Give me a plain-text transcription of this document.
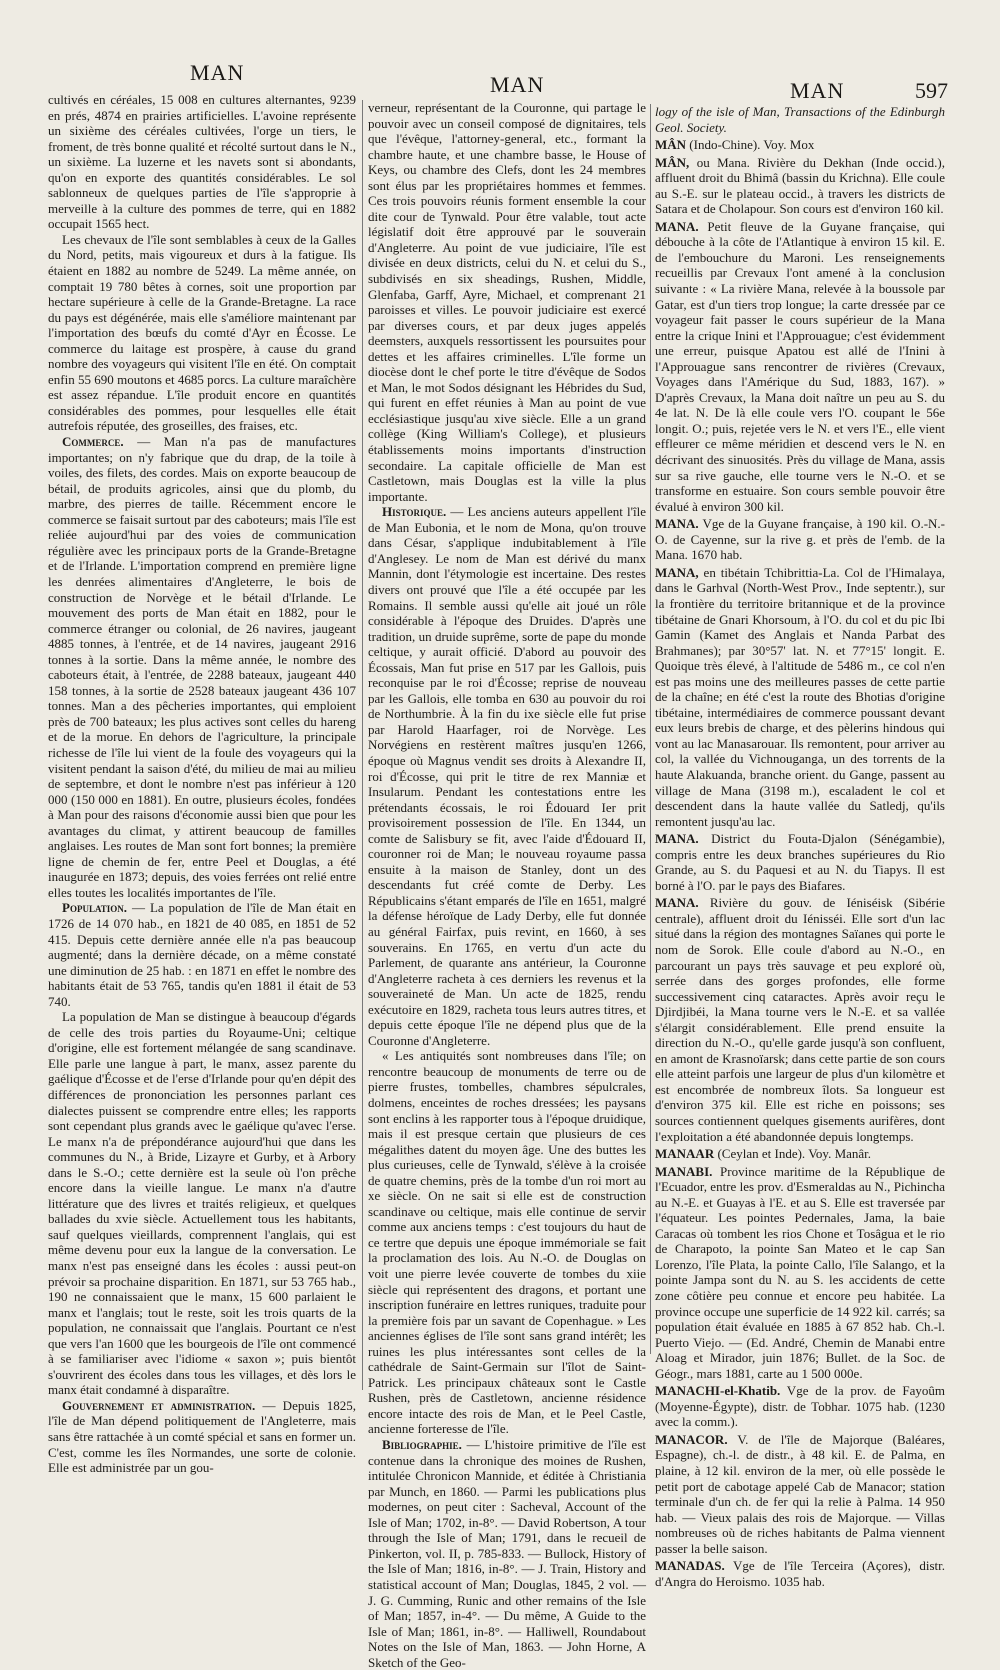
MAN	MAN	MAN	597

cultivés en céréales, 15 008 en cultures alternantes, 9239 en prés, 4874 en prairies artificielles. L'avoine représente un sixième des céréales cultivées, l'orge un tiers, le froment, de très bonne qualité et récolté surtout dans le N., un sixième. La luzerne et les navets sont si abondants, qu'on en exporte des quantités considérables. Le sol sablonneux de quelques parties de l'île s'approprie à merveille à la culture des pommes de terre, qui en 1882 occupait 1565 hect.

Les chevaux de l'île sont semblables à ceux de la Galles du Nord, petits, mais vigoureux et durs à la fatigue. Ils étaient en 1882 au nombre de 5249. La même année, on comptait 19 780 bêtes à cornes, soit une proportion par hectare supérieure à celle de la Grande-Bretagne. La race du pays est dégénérée, mais elle s'améliore maintenant par l'importation des bœufs du comté d'Ayr en Écosse. Le commerce du laitage est prospère, à cause du grand nombre des voyageurs qui visitent l'île en été. On comptait enfin 55 690 moutons et 4685 porcs. La culture maraîchère est assez répandue. L'île produit encore en quantités considérables des pommes, pour lesquelles elle était autrefois réputée, des groseilles, des fraises, etc.

Commerce. — Man n'a pas de manufactures importantes; on n'y fabrique que du drap, de la toile à voiles, des filets, des cordes. Mais on exporte beaucoup de bétail, de produits agricoles, ainsi que du plomb, du marbre, des pierres de taille. Récemment encore le commerce se faisait surtout par des caboteurs; mais l'île est reliée aujourd'hui par des voies de communication régulière avec les principaux ports de la Grande-Bretagne et de l'Irlande. L'importation comprend en première ligne les denrées alimentaires d'Angleterre, le bois de construction de Norvège et le bétail d'Irlande. Le mouvement des ports de Man était en 1882, pour le commerce étranger ou colonial, de 26 navires, jaugeant 4885 tonnes, à l'entrée, et de 14 navires, jaugeant 2916 tonnes à la sortie. Dans la même année, le nombre des caboteurs était, à l'entrée, de 2288 bateaux, jaugeant 440 158 tonnes, à la sortie de 2528 bateaux jaugeant 436 107 tonnes. Man a des pêcheries importantes, qui emploient près de 700 bateaux; les plus actives sont celles du hareng et de la morue. En dehors de l'agriculture, la principale richesse de l'île lui vient de la foule des voyageurs qui la visitent pendant la saison d'été, du milieu de mai au milieu de septembre, et dont le nombre n'est pas inférieur à 120 000 (150 000 en 1881). En outre, plusieurs écoles, fondées à Man pour des raisons d'économie aussi bien que pour les avantages du climat, y attirent beaucoup de familles anglaises. Les routes de Man sont fort bonnes; la première ligne de chemin de fer, entre Peel et Douglas, a été inaugurée en 1873; depuis, des voies ferrées ont relié entre elles toutes les localités importantes de l'île.

Population. — La population de l'île de Man était en 1726 de 14 070 hab., en 1821 de 40 085, en 1851 de 52 415. Depuis cette dernière année elle n'a pas beaucoup augmenté; dans la dernière décade, on a même constaté une diminution de 25 hab. : en 1871 en effet le nombre des habitants était de 53 765, tandis qu'en 1881 il était de 53 740.

La population de Man se distingue à beaucoup d'égards de celle des trois parties du Royaume-Uni; celtique d'origine, elle est fortement mélangée de sang scandinave. Elle parle une langue à part, le manx, assez parente du gaélique d'Écosse et de l'erse d'Irlande pour qu'en dépit des différences de prononciation les personnes parlant ces dialectes puissent se comprendre entre elles; les rapports sont cependant plus grands avec le gaélique qu'avec l'erse. Le manx n'a de prépondérance aujourd'hui que dans les communes du N., à Bride, Lizayre et Gurby, et à Arbory dans le S.-O.; cette dernière est la seule où l'on prêche encore dans la vieille langue. Le manx n'a d'autre littérature que des livres et traités religieux, et quelques ballades du xvie siècle. Actuellement tous les habitants, sauf quelques vieillards, comprennent l'anglais, qui est même devenu pour eux la langue de la conversation. Le manx n'est pas enseigné dans les écoles : aussi peut-on prévoir sa prochaine disparition. En 1871, sur 53 765 hab., 190 ne connaissaient que le manx, 15 600 parlaient le manx et l'anglais; tout le reste, soit les trois quarts de la population, ne connaissait que l'anglais. Pourtant ce n'est que vers l'an 1600 que les bourgeois de l'île ont commencé à se familiariser avec l'idiome « saxon »; puis bientôt s'ouvrirent des écoles dans tous les villages, et dès lors le manx était condamné à disparaître.

Gouvernement et administration. — Depuis 1825, l'île de Man dépend politiquement de l'Angleterre, mais sans être rattachée à un comté spécial et sans en former un. C'est, comme les îles Normandes, une sorte de colonie. Elle est administrée par un gou-

verneur, représentant de la Couronne, qui partage le pouvoir avec un conseil composé de dignitaires, tels que l'évêque, l'attorney-general, etc., formant la chambre haute, et une chambre basse, le House of Keys, ou chambre des Clefs, dont les 24 membres sont élus par les propriétaires hommes et femmes. Ces trois pouvoirs réunis forment ensemble la cour dite cour de Tynwald. Pour être valable, tout acte législatif doit être approuvé par le souverain d'Angleterre. Au point de vue judiciaire, l'île est divisée en deux districts, celui du N. et celui du S., subdivisés en six sheadings, Rushen, Middle, Glenfaba, Garff, Ayre, Michael, et comprenant 21 paroisses et villes. Le pouvoir judiciaire est exercé par diverses cours, et par deux juges appelés deemsters, auxquels ressortissent les poursuites pour dettes et les affaires criminelles. L'île forme un diocèse dont le chef porte le titre d'évêque de Sodos et Man, le mot Sodos désignant les Hébrides du Sud, qui furent en effet réunies à Man au point de vue ecclésiastique jusqu'au xive siècle. Elle a un grand collège (King William's College), et plusieurs établissements moins importants d'instruction secondaire. La capitale officielle de Man est Castletown, mais Douglas est la ville la plus importante.

Historique. — Les anciens auteurs appellent l'île de Man Eubonia, et le nom de Mona, qu'on trouve dans César, s'applique indubitablement à l'île d'Anglesey. Le nom de Man est dérivé du manx Mannin, dont l'étymologie est incertaine. Des restes divers ont prouvé que l'île a été occupée par les Romains. Il semble aussi qu'elle ait joué un rôle considérable à l'époque des Druides. D'après une tradition, un druide suprême, sorte de pape du monde celtique, y aurait officié. D'abord au pouvoir des Écossais, Man fut prise en 517 par les Gallois, puis reconquise par le roi d'Écosse; reprise de nouveau par les Gallois, elle tomba en 630 au pouvoir du roi de Northumbrie. À la fin du ixe siècle elle fut prise par Harold Haarfager, roi de Norvège. Les Norvégiens en restèrent maîtres jusqu'en 1266, époque où Magnus vendit ses droits à Alexandre II, roi d'Écosse, qui prit le titre de rex Manniæ et Insularum. Pendant les contestations entre les prétendants écossais, le roi Édouard Ier prit provisoirement possession de l'île. En 1344, un comte de Salisbury se fit, avec l'aide d'Édouard II, couronner roi de Man; le nouveau royaume passa ensuite à la maison de Stanley, dont un des descendants fut créé comte de Derby. Les Républicains s'étant emparés de l'île en 1651, malgré la défense héroïque de Lady Derby, elle fut donnée au général Fairfax, puis revint, en 1660, à ses souverains. En 1765, en vertu d'un acte du Parlement, de quarante ans antérieur, la Couronne d'Angleterre racheta à ces derniers les revenus et la souveraineté de Man. Un acte de 1825, rendu exécutoire en 1829, racheta tous leurs autres titres, et depuis cette époque l'île ne dépend plus que de la Couronne d'Angleterre.

« Les antiquités sont nombreuses dans l'île; on rencontre beaucoup de monuments de terre ou de pierre frustes, tombelles, chambres sépulcrales, dolmens, enceintes de roches dressées; les paysans sont enclins à les rapporter tous à l'époque druidique, mais il est presque certain que plusieurs de ces mégalithes datent du moyen âge. Une des buttes les plus curieuses, celle de Tynwald, s'élève à la croisée de quatre chemins, près de la tombe d'un roi mort au xe siècle. On ne sait si elle est de construction scandinave ou celtique, mais elle continue de servir comme aux anciens temps : c'est toujours du haut de ce tertre que depuis une époque immémoriale se fait la proclamation des lois. Au N.-O. de Douglas on voit une pierre levée couverte de tombes du xiie siècle qui représentent des dragons, et portant une inscription funéraire en lettres runiques, traduite pour la première fois par un savant de Copenhague. » Les anciennes églises de l'île sont sans grand intérêt; les ruines les plus intéressantes sont celles de la cathédrale de Saint-Germain sur l'îlot de Saint-Patrick. Les principaux châteaux sont le Castle Rushen, près de Castletown, ancienne résidence encore intacte des rois de Man, et le Peel Castle, ancienne forteresse de l'île.

Bibliographie. — L'histoire primitive de l'île est contenue dans la chronique des moines de Rushen, intitulée Chronicon Mannide, et éditée à Christiania par Munch, en 1860. — Parmi les publications plus modernes, on peut citer : Sacheval, Account of the Isle of Man; 1702, in-8°. — David Robertson, A tour through the Isle of Man; 1791, dans le recueil de Pinkerton, vol. II, p. 785-833. — Bullock, History of the Isle of Man; 1816, in-8°. — J. Train, History and statistical account of Man; Douglas, 1845, 2 vol. — J. G. Cumming, Runic and other remains of the Isle of Man; 1857, in-4°. — Du même, A Guide to the Isle of Man; 1861, in-8°. — Halliwell, Roundabout Notes on the Isle of Man, 1863. — John Horne, A Sketch of the Geo-

logy of the isle of Man, Transactions of the Edinburgh Geol. Society.

MÂN (Indo-Chine). Voy. Mox

MÂN, ou Mana. Rivière du Dekhan (Inde occid.), affluent droit du Bhimâ (bassin du Krichna). Elle coule au S.-E. sur le plateau occid., à travers les districts de Satara et de Cholapour. Son cours est d'environ 160 kil.

MANA. Petit fleuve de la Guyane française, qui débouche à la côte de l'Atlantique à environ 15 kil. E. de l'embouchure du Maroni. Les renseignements recueillis par Crevaux l'ont amené à la conclusion suivante : « La rivière Mana, relevée à la boussole par Gatar, est d'un tiers trop longue; la carte dressée par ce voyageur fait passer le cours supérieur de la Mana entre la crique Inini et l'Approuague; c'est évidemment une erreur, puisque Apatou est allé de l'Inini à l'Approuague sans rencontrer de rivières (Crevaux, Voyages dans l'Amérique du Sud, 1883, 167). » D'après Crevaux, la Mana doit naître un peu au S. du 4e lat. N. De là elle coule vers l'O. coupant le 56e longit. O.; puis, rejetée vers le N. et vers l'E., elle vient effleurer ce même méridien et descend vers le N. en décrivant des sinuosités. Près du village de Mana, assis sur sa rive gauche, elle tourne vers le N.-O. et se transforme en estuaire. Son cours semble pouvoir être évalué à environ 300 kil.

MANA. Vge de la Guyane française, à 190 kil. O.-N.-O. de Cayenne, sur la rive g. et près de l'emb. de la Mana. 1670 hab.

MANA, en tibétain Tchibrittia-La. Col de l'Himalaya, dans le Garhval (North-West Prov., Inde septentr.), sur la frontière du territoire britannique et de la province tibétaine de Gnari Khorsoum, à l'O. du col et du pic Ibi Gamin (Kamet des Anglais et Nanda Parbat des Brahmanes); par 30°57' lat. N. et 77°15' longit. E. Quoique très élevé, à l'altitude de 5486 m., ce col n'en est pas moins une des meilleures passes de cette partie de la chaîne; en été c'est la route des Bhotias d'origine tibétaine, intermédiaires de commerce poussant devant eux leurs brebis de charge, et des pèlerins hindous qui vont au lac Manasarouar. Ils remontent, pour arriver au col, la vallée du Vichnouganga, un des torrents de la haute Alakuanda, branche orient. du Gange, passent au village de Mana (3198 m.), escaladent le col et descendent dans la haute vallée du Satledj, qu'ils remontent jusqu'au lac.

MANA. District du Fouta-Djalon (Sénégambie), compris entre les deux branches supérieures du Rio Grande, au S. du Paquesi et au N. du Tiapys. Il est borné à l'O. par le pays des Biafares.

MANA. Rivière du gouv. de Iéniséisk (Sibérie centrale), affluent droit du Iénisséi. Elle sort d'un lac situé dans la région des montagnes Saïanes qui porte le nom de Sorok. Elle coule d'abord au N.-O., en parcourant un pays très sauvage et peu exploré où, serrée dans des gorges profondes, elle forme successivement cinq cataractes. Après avoir reçu le Djirdjibéi, la Mana tourne vers le N.-E. et sa vallée s'élargit considérablement. Elle prend ensuite la direction du N.-O., qu'elle garde jusqu'à son confluent, en amont de Krasnoïarsk; dans cette partie de son cours elle atteint parfois une largeur de plus d'un kilomètre et est encombrée de nombreux îlots. Sa longueur est d'environ 375 kil. Elle est riche en poissons; ses sources contiennent quelques gisements aurifères, dont l'exploitation a été abandonnée depuis longtemps.

MANAAR (Ceylan et Inde). Voy. Manâr.

MANABI. Province maritime de la République de l'Ecuador, entre les prov. d'Esmeraldas au N., Pichincha au N.-E. et Guayas à l'E. et au S. Elle est traversée par l'équateur. Les pointes Pedernales, Jama, la baie Caracas où tombent les rios Chone et Tosâgua et le rio de Charapoto, la pointe San Mateo et le cap San Lorenzo, l'île Plata, la pointe Callo, l'île Salango, et la pointe Jampa sont du N. au S. les accidents de cette zone côtière peu connue et encore peu habitée. La province occupe une superficie de 14 922 kil. carrés; sa population était évaluée en 1885 à 67 852 hab. Ch.-l. Puerto Viejo. — (Ed. André, Chemin de Manabi entre Aloag et Mirador, juin 1876; Bullet. de la Soc. de Géogr., mars 1881, carte au 1 500 000e.

MANACHI-el-Khatib. Vge de la prov. de Fayoûm (Moyenne-Égypte), distr. de Tobhar. 1075 hab. (1230 avec la comm.).

MANACOR. V. de l'île de Majorque (Baléares, Espagne), ch.-l. de distr., à 48 kil. E. de Palma, en plaine, à 12 kil. environ de la mer, où elle possède le petit port de cabotage appelé Cab de Manacor; station terminale d'un ch. de fer qui la relie à Palma. 14 950 hab. — Vieux palais des rois de Majorque. — Villas nombreuses où de riches habitants de Palma viennent passer la belle saison.

MANADAS. Vge de l'île Terceira (Açores), distr. d'Angra do Heroismo. 1035 hab.
